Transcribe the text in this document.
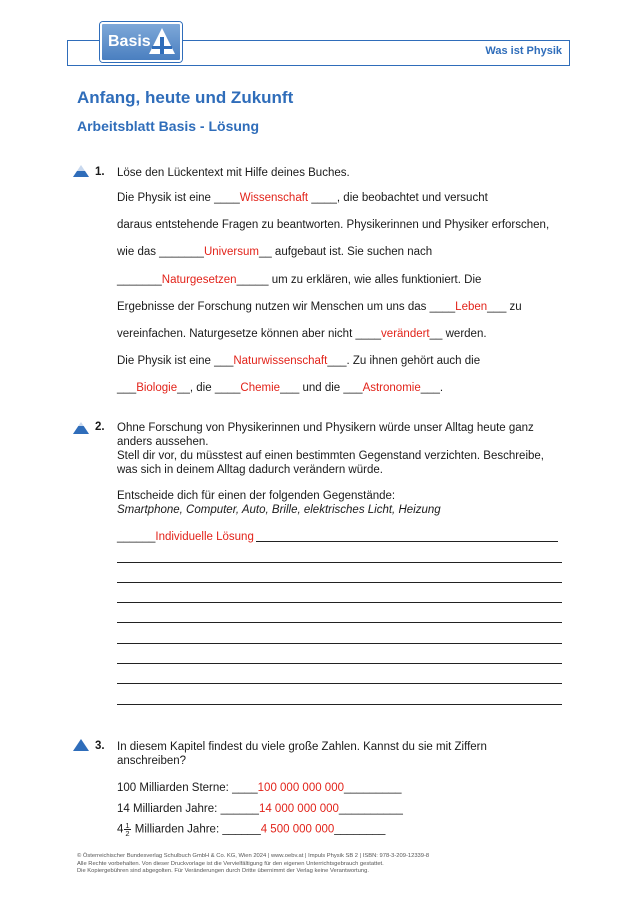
Basis
Was ist Physik
Anfang, heute und Zukunft
Arbeitsblatt Basis - Lösung
1. Löse den Lückentext mit Hilfe deines Buches.
Die Physik ist eine ____Wissenschaft ____, die beobachtet und versucht
daraus entstehende Fragen zu beantworten. Physikerinnen und Physiker erforschen,
wie das _______Universum__ aufgebaut ist. Sie suchen nach
_______Naturgesetzen_____ um zu erklären, wie alles funktioniert. Die
Ergebnisse der Forschung nutzen wir Menschen um uns das ____Leben___ zu
vereinfachen. Naturgesetze können aber nicht ____verändert__ werden.
Die Physik ist eine ___Naturwissenschaft___. Zu ihnen gehört auch die
___Biologie__, die ____Chemie___ und die ___Astronomie___.
2. Ohne Forschung von Physikerinnen und Physikern würde unser Alltag heute ganz
anders aussehen.
Stell dir vor, du müsstest auf einen bestimmten Gegenstand verzichten. Beschreibe,
was sich in deinem Alltag dadurch verändern würde.
Entscheide dich für einen der folgenden Gegenstände:
Smartphone, Computer, Auto, Brille, elektrisches Licht, Heizung
______Individuelle Lösung
3. In diesem Kapitel findest du viele große Zahlen. Kannst du sie mit Ziffern
anschreiben?
100 Milliarden Sterne: ____100 000 000 000_________
14 Milliarden Jahre: ______14 000 000 000__________
$4 \frac{1}{2}$ Milliarden Jahre: ______4 500 000 000________
© Österreichischer Bundesverlag Schulbuch GmbH & Co. KG, Wien 2024 | www.oebv.at | Impuls Physik SB 2 | ISBN: 978-3-209-12339-8
Alle Rechte vorbehalten. Von dieser Druckvorlage ist die Vervielfältigung für den eigenen Unterrichtsgebrauch gestattet.
Die Kopiergebühren sind abgegolten. Für Veränderungen durch Dritte übernimmt der Verlag keine Verantwortung.
